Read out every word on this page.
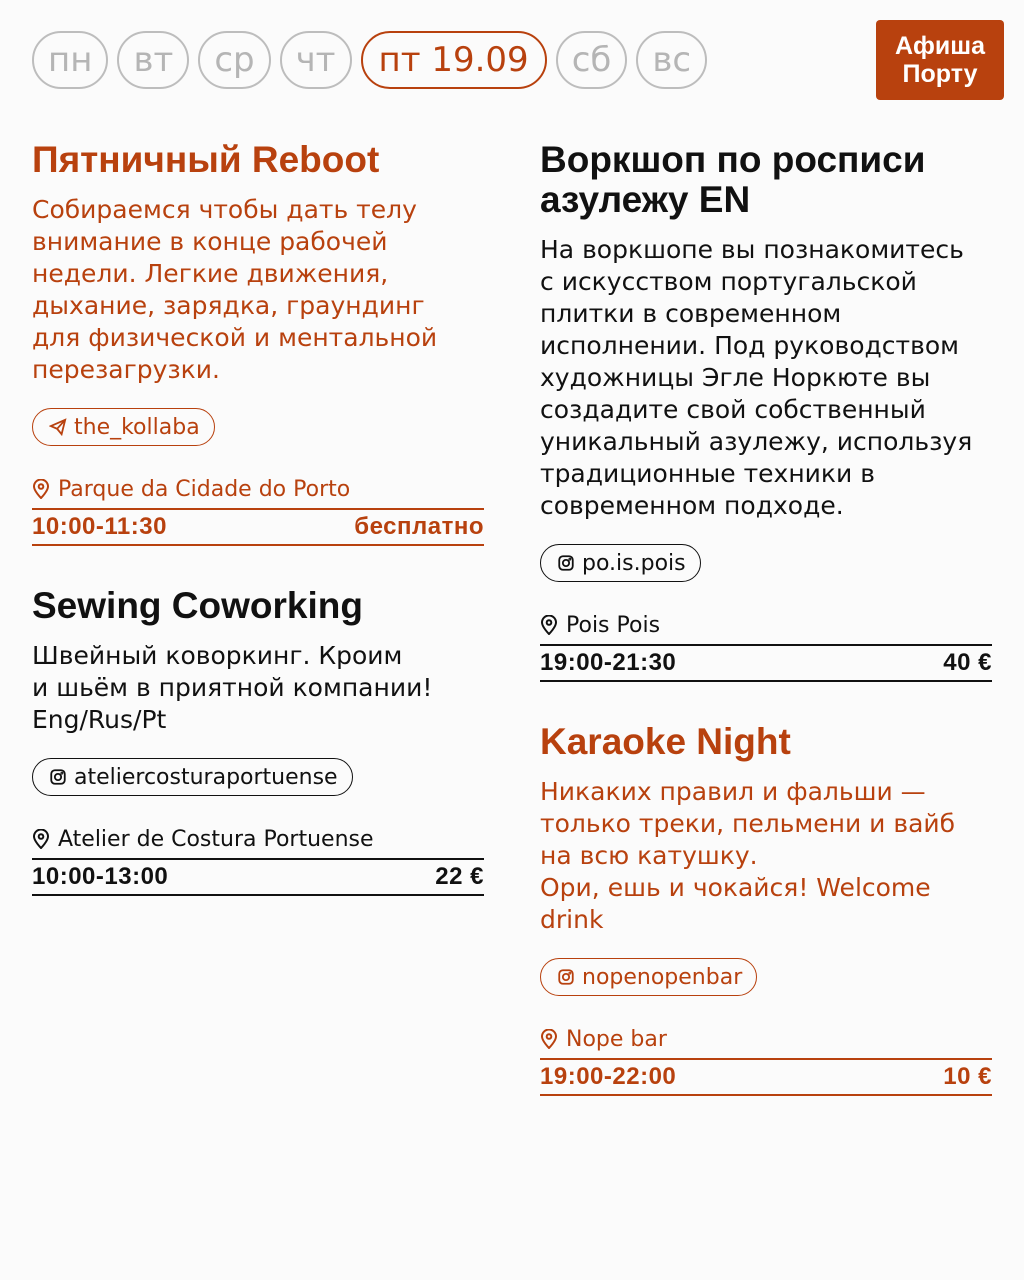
пн	вт	ср	чт	пт 19.09	сб	вс	Афиша
Порту
Пятничный Reboot

Собираемся чтобы дать телу
внимание в конце рабочей
недели. Легкие движения,
дыхание, зарядка, граундинг
для физической и ментальной
перезагрузки.

the_kollaba
Parque da Cidade do Porto
10:00-11:30	бесплатно
Sewing Coworking

Швейный коворкинг. Кроим
и шьём в приятной компании!
Eng/Rus/Pt

ateliercosturaportuense
Atelier de Costura Portuense
10:00-13:00	22 €
Воркшоп по росписи
азулежу EN

На воркшопе вы познакомитесь
с искусством португальской
плитки в современном
исполнении. Под руководством
художницы Эгле Норкюте вы
создадите свой собственный
уникальный азулежу, используя
традиционные техники в
современном подходе.

po.is.pois
Pois Pois
19:00-21:30	40 €
Karaoke Night

Никаких правил и фальши —
только треки, пельмени и вайб
на всю катушку.
Ори, ешь и чокайся! Welcome
drink

nopenopenbar
Nope bar
19:00-22:00	10 €
